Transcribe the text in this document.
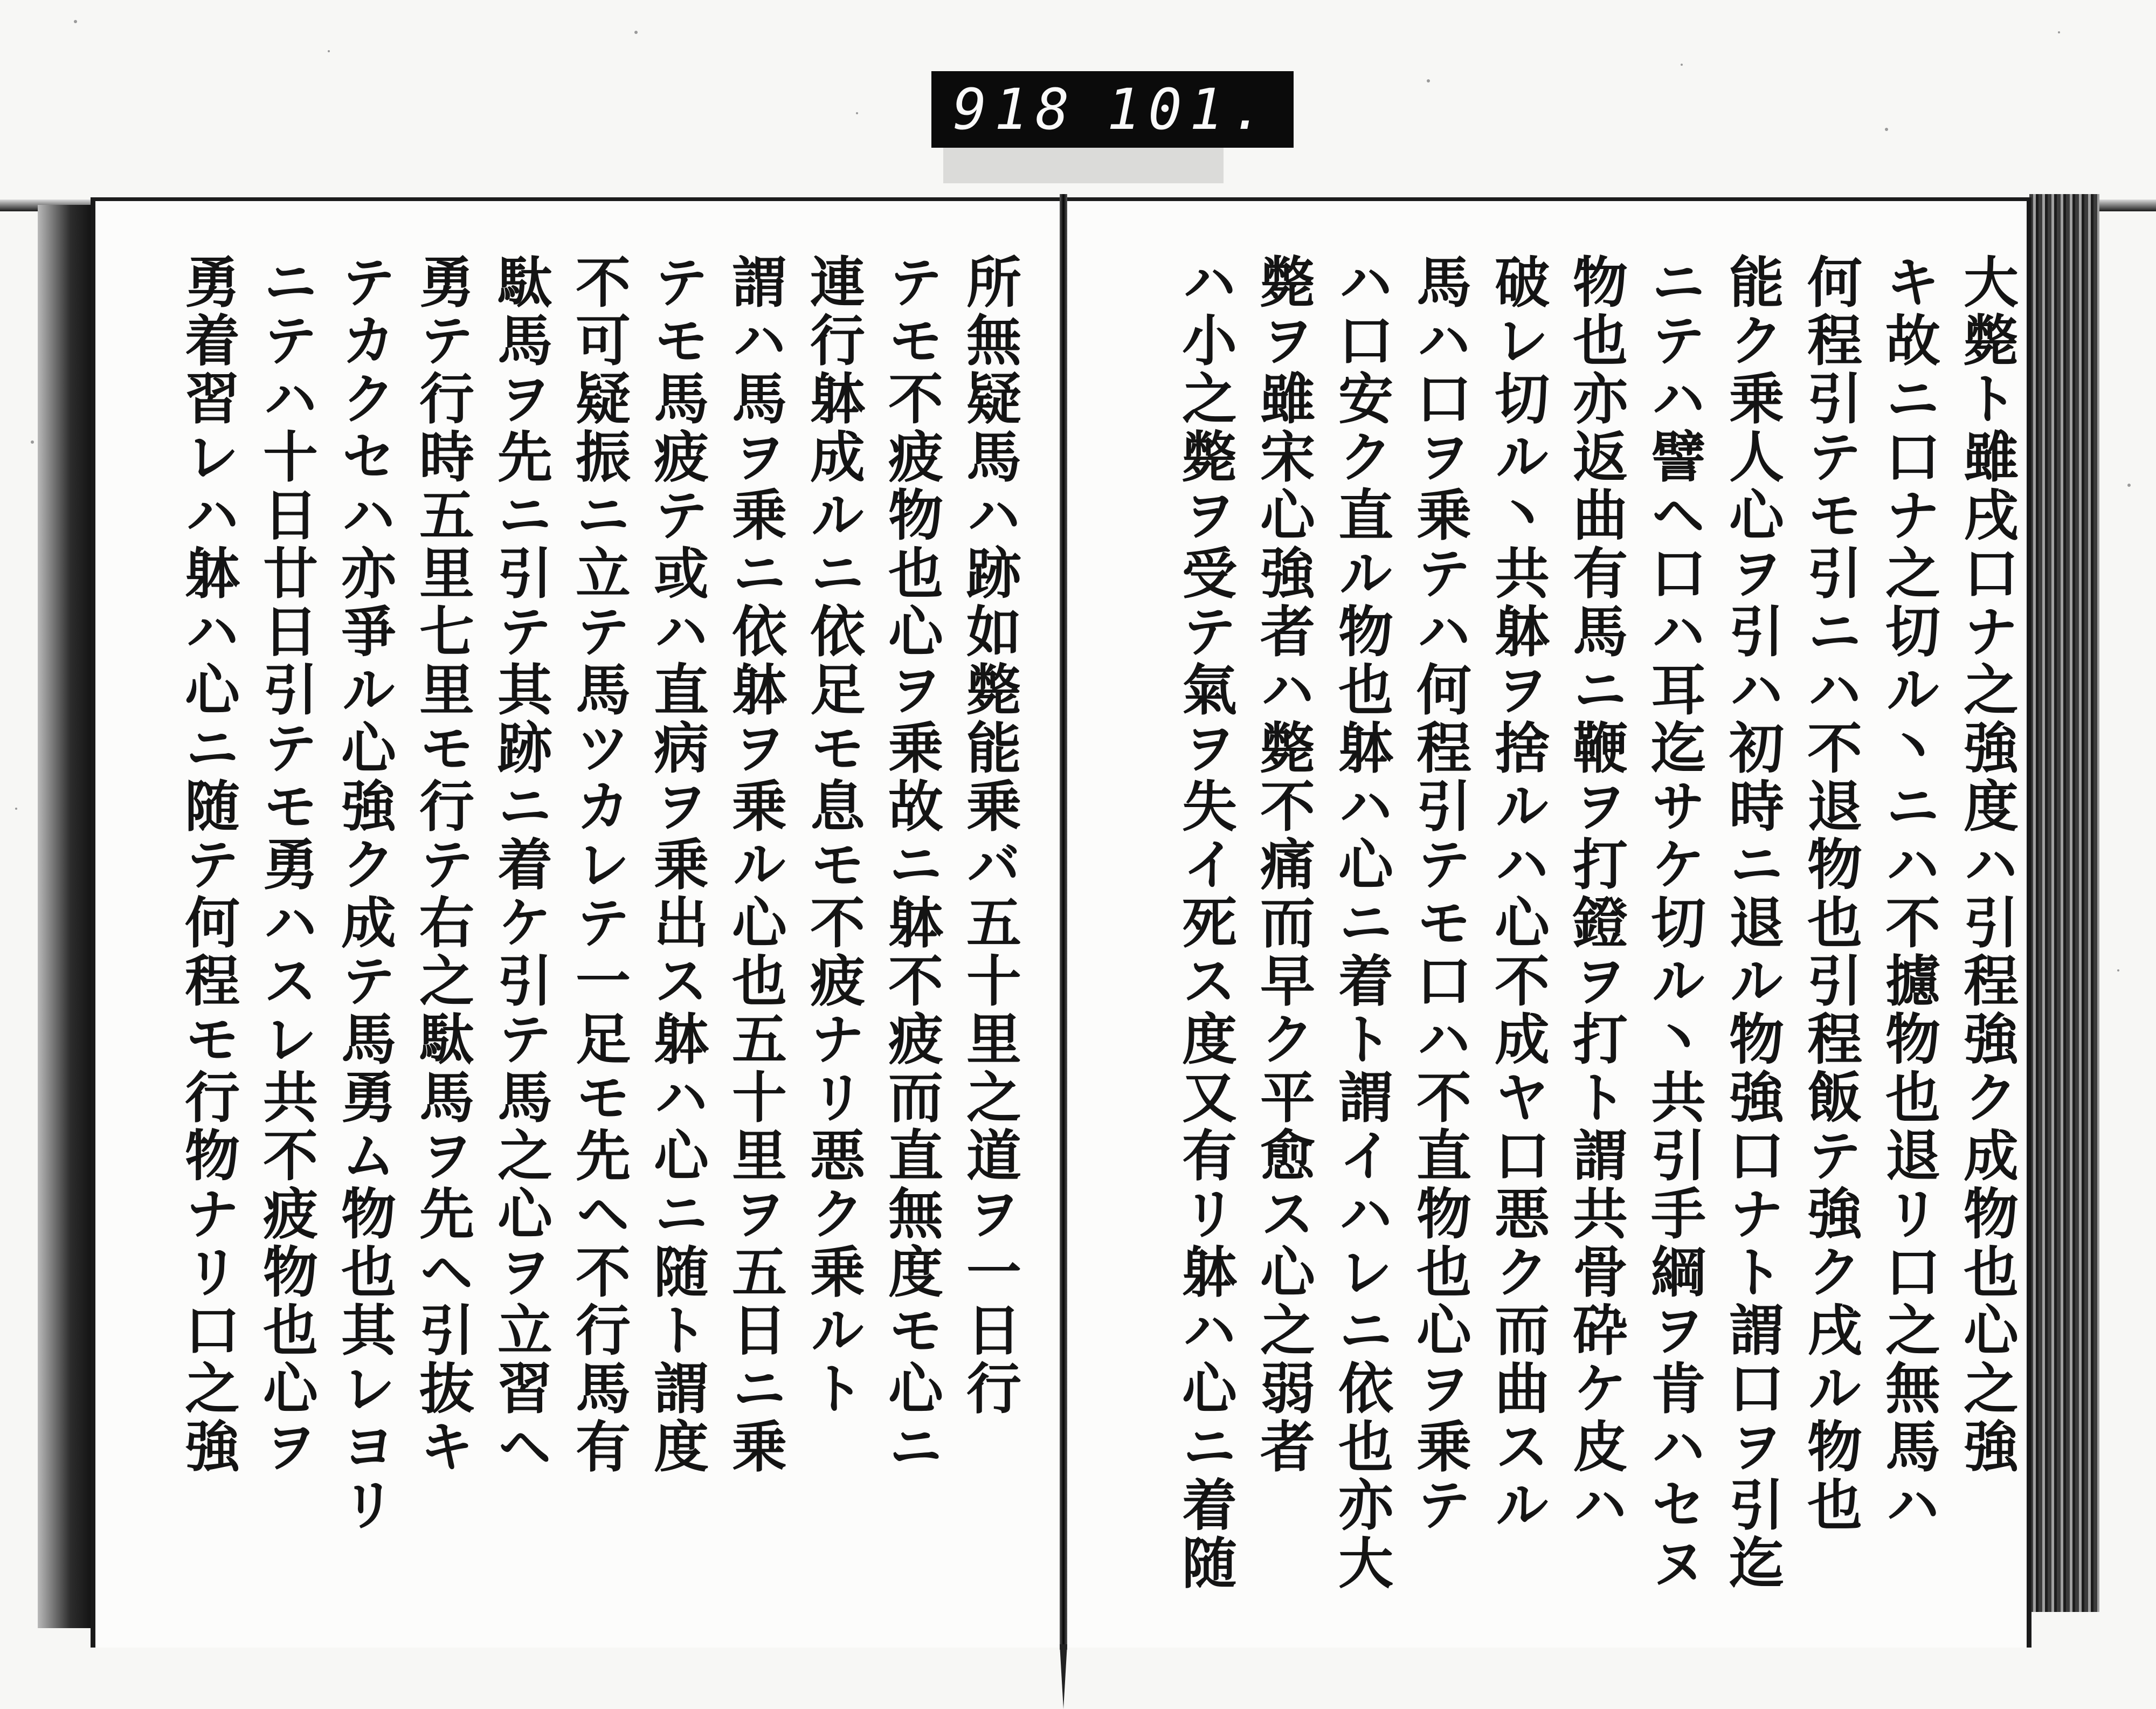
918 101.
大斃ト雖戌口ナ之強度ハ引程強ク成物也心之強
キ故ニ口ナ之切ル丶ニハ不攄物也退リ口之無馬ハ
何程引テモ引ニハ不退物也引程飯テ強ク戌ル物也
能ク乗人心ヲ引ハ初時ニ退ル物強口ナト謂口ヲ引迄
ニテハ譬ヘ口ハ耳迄サケ切ル丶共引手綱ヲ肯ハセヌ
物也亦返曲有馬ニ鞭ヲ打鐙ヲ打ト謂共骨砕ケ皮ハ
破レ切ル丶共躰ヲ捨ルハ心不成ヤ口悪ク而曲スル
馬ハ口ヲ乗テハ何程引テモ口ハ不直物也心ヲ乗テ
ハ口安ク直ル物也躰ハ心ニ着ト謂イハレニ依也亦大
斃ヲ雖宋心強者ハ斃不痛而早ク平愈ス心之弱者
ハ小之斃ヲ受テ氣ヲ失イ死ス度又有リ躰ハ心ニ着随
所無疑馬ハ跡如斃能乗バ五十里之道ヲ一日行
テモ不疲物也心ヲ乗故ニ躰不疲而直無度モ心ニ
連行躰成ルニ依足モ息モ不疲ナリ悪ク乗ルト
謂ハ馬ヲ乗ニ依躰ヲ乗ル心也五十里ヲ五日ニ乗
テモ馬疲テ或ハ直病ヲ乗出ス躰ハ心ニ随ト謂度
不可疑振ニ立テ馬ツカレテ一足モ先ヘ不行馬有
駄馬ヲ先ニ引テ其跡ニ着ケ引テ馬之心ヲ立習ヘ
勇テ行時五里七里モ行テ右之駄馬ヲ先ヘ引抜キ
テカクセハ亦爭ル心強ク成テ馬勇ム物也其レヨリ
ニテハ十日廿日引テモ勇ハスレ共不疲物也心ヲ
勇着習レハ躰ハ心ニ随テ何程モ行物ナリ口之強
